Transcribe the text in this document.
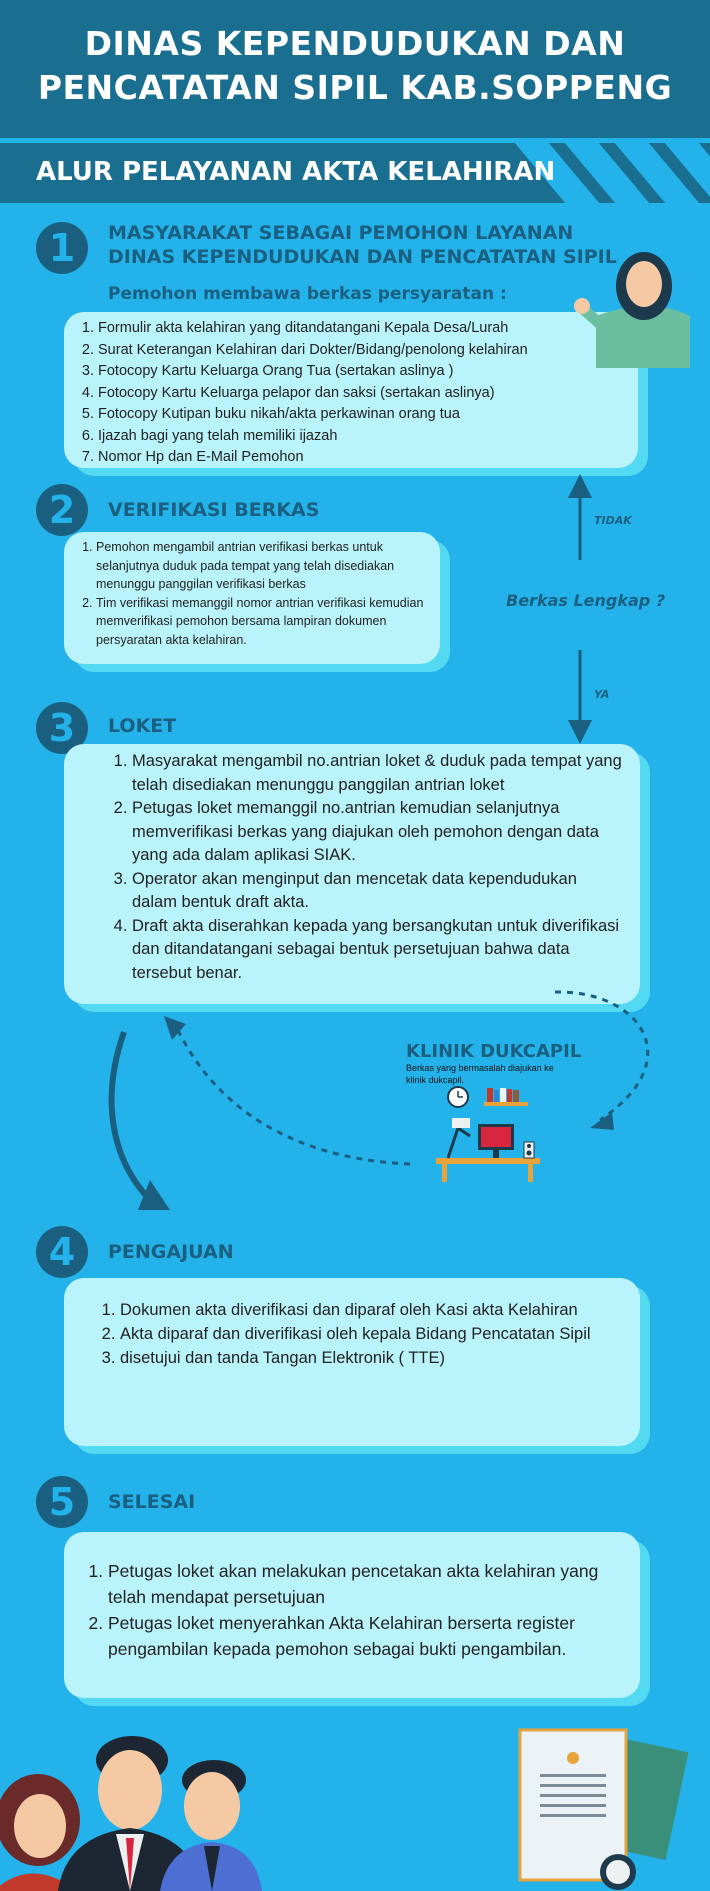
DINAS KEPENDUDUKAN DAN
PENCATATAN SIPIL KAB.SOPPENG
ALUR PELAYANAN AKTA KELAHIRAN
1	MASYARAKAT SEBAGAI PEMOHON LAYANAN
DINAS KEPENDUDUKAN DAN PENCATATAN SIPIL
Pemohon membawa berkas persyaratan :
1. Formulir akta kelahiran yang ditandatangani Kepala Desa/Lurah
2. Surat Keterangan Kelahiran dari Dokter/Bidang/penolong kelahiran
3. Fotocopy Kartu Keluarga Orang Tua (sertakan aslinya )
4. Fotocopy Kartu Keluarga pelapor dan saksi (sertakan aslinya)
5. Fotocopy Kutipan buku nikah/akta perkawinan orang tua
6. Ijazah bagi yang telah memiliki ijazah
7. Nomor Hp dan E-Mail Pemohon
2	VERIFIKASI BERKAS
1. Pemohon mengambil antrian verifikasi berkas untuk selanjutnya duduk pada tempat yang telah disediakan menunggu panggilan verifikasi berkas
2. Tim verifikasi memanggil nomor antrian verifikasi kemudian memverifikasi pemohon bersama lampiran dokumen persyaratan akta kelahiran.
TIDAK
Berkas Lengkap ?
YA
3	LOKET
1. Masyarakat mengambil no.antrian loket & duduk pada tempat yang telah disediakan menunggu panggilan antrian loket
2. Petugas loket memanggil no.antrian kemudian selanjutnya memverifikasi berkas yang diajukan oleh pemohon dengan data yang ada dalam aplikasi SIAK.
3. Operator akan menginput dan mencetak data kependudukan dalam bentuk draft akta.
4. Draft akta diserahkan kepada yang bersangkutan untuk diverifikasi dan ditandatangani sebagai bentuk persetujuan bahwa data tersebut benar.
KLINIK DUKCAPIL
Berkas yang bermasalah diajukan ke klinik dukcapil.
4	PENGAJUAN
1. Dokumen akta diverifikasi dan diparaf oleh Kasi akta Kelahiran
2. Akta diparaf dan diverifikasi oleh kepala Bidang Pencatatan Sipil
3. disetujui dan tanda Tangan Elektronik ( TTE)
5	SELESAI
1. Petugas loket akan melakukan pencetakan akta kelahiran yang telah mendapat persetujuan
2. Petugas loket menyerahkan Akta Kelahiran berserta register pengambilan kepada pemohon sebagai bukti pengambilan.
